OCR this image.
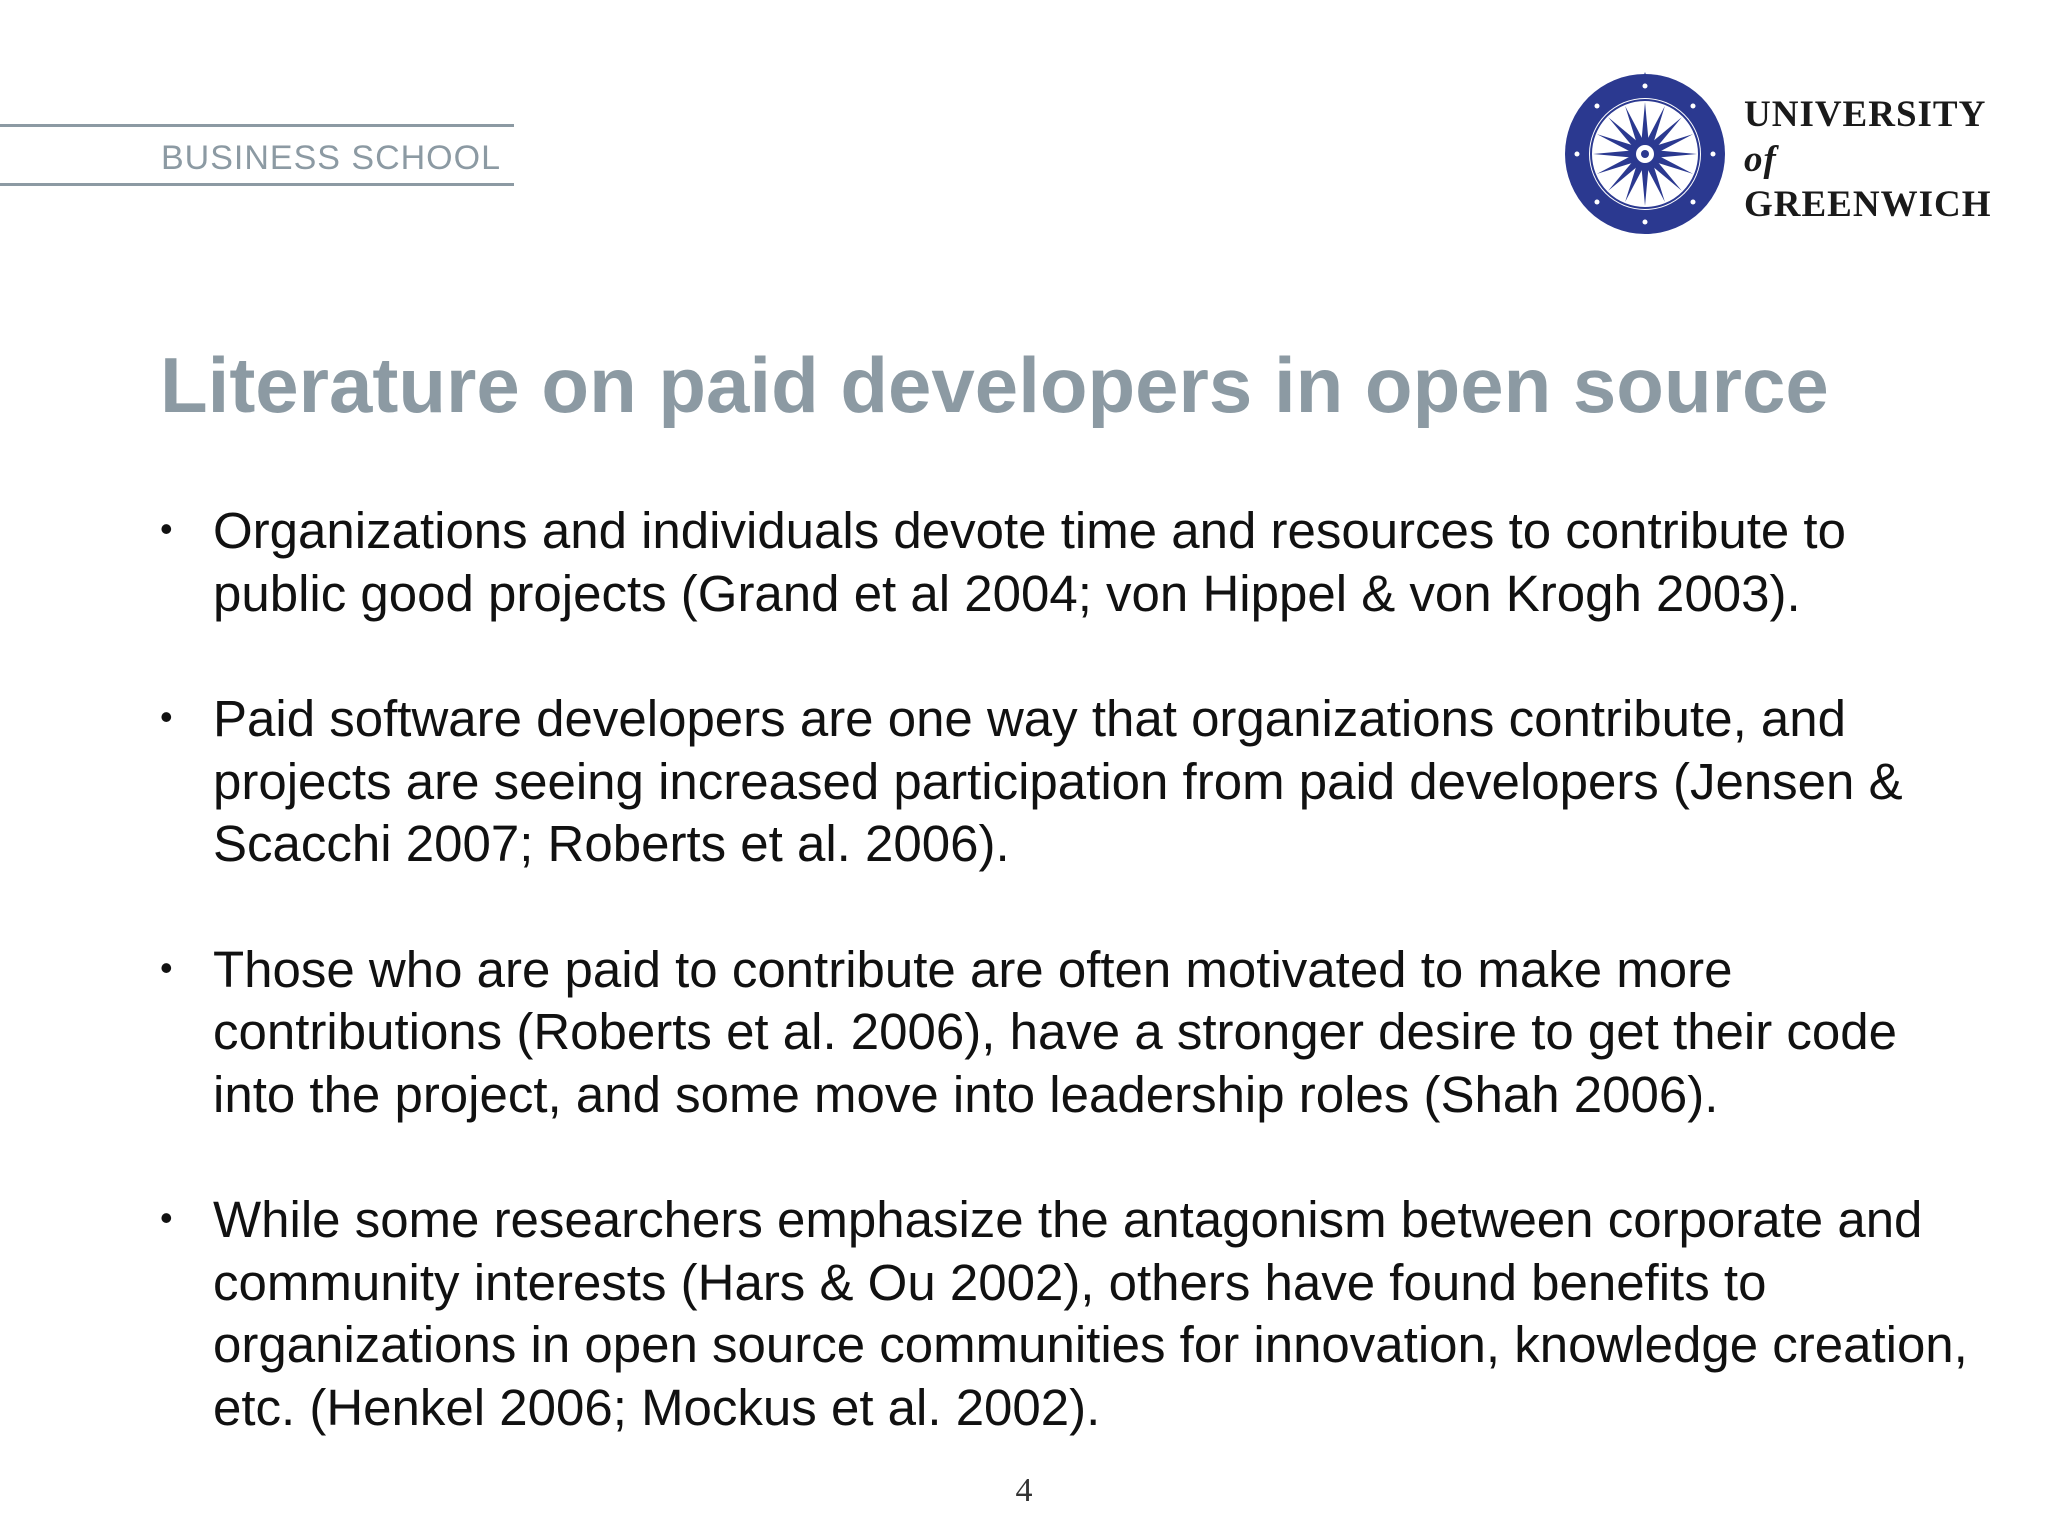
BUSINESS SCHOOL
UNIVERSITY
of
GREENWICH
Literature on paid developers in open source
• Organizations and individuals devote time and resources to contribute to public good projects (Grand et al 2004; von Hippel & von Krogh 2003).
• Paid software developers are one way that organizations contribute, and projects are seeing increased participation from paid developers (Jensen & Scacchi 2007; Roberts et al. 2006).
• Those who are paid to contribute are often motivated to make more contributions (Roberts et al. 2006), have a stronger desire to get their code into the project, and some move into leadership roles (Shah 2006).
• While some researchers emphasize the antagonism between corporate and community interests (Hars & Ou 2002), others have found benefits to organizations in open source communities for innovation, knowledge creation, etc. (Henkel 2006; Mockus et al. 2002).
4
